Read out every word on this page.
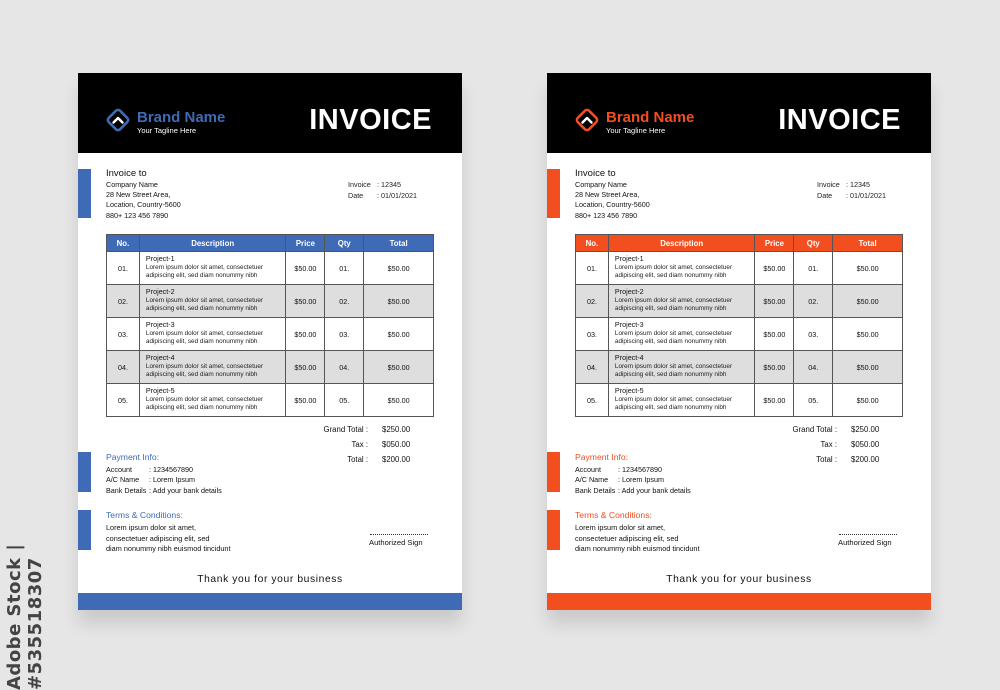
Adobe Stock | #535518307
Brand Name
Your Tagline Here	INVOICE
Invoice to
Company Name
28 New Street Area,
Location, Country-5600
880+ 123 456 7890
Invoice : 12345
Date : 01/01/2021
No.	Description	Price	Qty	Total
01.	Project-1
Lorem ipsum dolor sit amet, consectetuer
adipiscing elit, sed diam nonummy nibh	$50.00	01.	$50.00
02.	Project-2
Lorem ipsum dolor sit amet, consectetuer
adipiscing elit, sed diam nonummy nibh	$50.00	02.	$50.00
03.	Project-3
Lorem ipsum dolor sit amet, consectetuer
adipiscing elit, sed diam nonummy nibh	$50.00	03.	$50.00
04.	Project-4
Lorem ipsum dolor sit amet, consectetuer
adipiscing elit, sed diam nonummy nibh	$50.00	04.	$50.00
05.	Project-5
Lorem ipsum dolor sit amet, consectetuer
adipiscing elit, sed diam nonummy nibh	$50.00	05.	$50.00
Grand Total : $250.00
Tax : $050.00
Total : $200.00
Payment Info:
Account : 1234567890
A/C Name : Lorem Ipsum
Bank Details : Add your bank details
Terms & Conditions:
Lorem ipsum dolor sit amet,
consectetuer adipiscing elit, sed
diam nonummy nibh euismod tincidunt
Authorized Sign
Thank you for your business
Brand Name
Your Tagline Here	INVOICE
Invoice to
Company Name
28 New Street Area,
Location, Country-5600
880+ 123 456 7890
Invoice : 12345
Date : 01/01/2021
No.	Description	Price	Qty	Total
01.	Project-1
Lorem ipsum dolor sit amet, consectetuer
adipiscing elit, sed diam nonummy nibh	$50.00	01.	$50.00
02.	Project-2
Lorem ipsum dolor sit amet, consectetuer
adipiscing elit, sed diam nonummy nibh	$50.00	02.	$50.00
03.	Project-3
Lorem ipsum dolor sit amet, consectetuer
adipiscing elit, sed diam nonummy nibh	$50.00	03.	$50.00
04.	Project-4
Lorem ipsum dolor sit amet, consectetuer
adipiscing elit, sed diam nonummy nibh	$50.00	04.	$50.00
05.	Project-5
Lorem ipsum dolor sit amet, consectetuer
adipiscing elit, sed diam nonummy nibh	$50.00	05.	$50.00
Grand Total : $250.00
Tax : $050.00
Total : $200.00
Payment Info:
Account : 1234567890
A/C Name : Lorem Ipsum
Bank Details : Add your bank details
Terms & Conditions:
Lorem ipsum dolor sit amet,
consectetuer adipiscing elit, sed
diam nonummy nibh euismod tincidunt
Authorized Sign
Thank you for your business
